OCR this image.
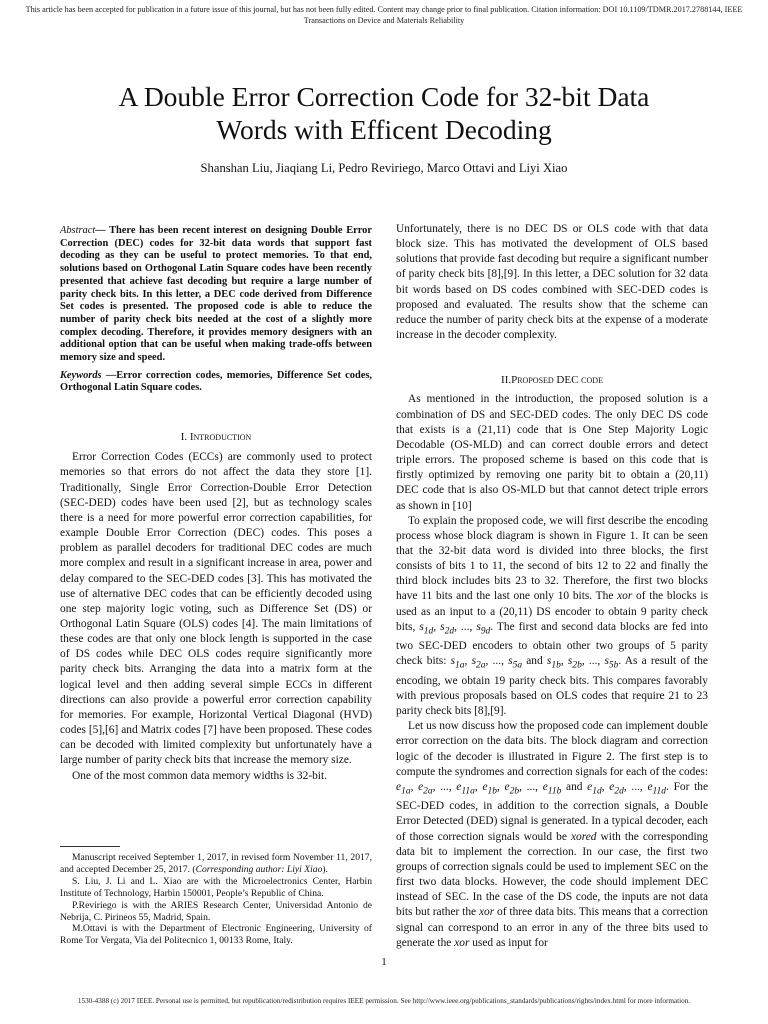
This article has been accepted for publication in a future issue of this journal, but has not been fully edited. Content may change prior to final publication. Citation information: DOI 10.1109/TDMR.2017.2788144, IEEE
Transactions on Device and Materials Reliability
A Double Error Correction Code for 32-bit Data
Words with Efficent Decoding
Shanshan Liu, Jiaqiang Li, Pedro Reviriego, Marco Ottavi and Liyi Xiao

Abstract— There has been recent interest on designing Double Error Correction (DEC) codes for 32-bit data words that support fast decoding as they can be useful to protect memories. To that end, solutions based on Orthogonal Latin Square codes have been recently presented that achieve fast decoding but require a large number of parity check bits. In this letter, a DEC code derived from Difference Set codes is presented. The proposed code is able to reduce the number of parity check bits needed at the cost of a slightly more complex decoding. Therefore, it provides memory designers with an additional option that can be useful when making trade-offs between memory size and speed.

Keywords —Error correction codes, memories, Difference Set codes, Orthogonal Latin Square codes.

I. Introduction

Error Correction Codes (ECCs) are commonly used to protect memories so that errors do not affect the data they store [1]. Traditionally, Single Error Correction-Double Error Detection (SEC-DED) codes have been used [2], but as technology scales there is a need for more powerful error correction capabilities, for example Double Error Correction (DEC) codes. This poses a problem as parallel decoders for traditional DEC codes are much more complex and result in a significant increase in area, power and delay compared to the SEC-DED codes [3]. This has motivated the use of alternative DEC codes that can be efficiently decoded using one step majority logic voting, such as Difference Set (DS) or Orthogonal Latin Square (OLS) codes [4]. The main limitations of these codes are that only one block length is supported in the case of DS codes while DEC OLS codes require significantly more parity check bits. Arranging the data into a matrix form at the logical level and then adding several simple ECCs in different directions can also provide a powerful error correction capability for memories. For example, Horizontal Vertical Diagonal (HVD) codes [5],[6] and Matrix codes [7] have been proposed. These codes can be decoded with limited complexity but unfortunately have a large number of parity check bits that increase the memory size.

One of the most common data memory widths is 32-bit.

Manuscript received September 1, 2017, in revised form November 11, 2017, and accepted December 25, 2017. (Corresponding author: Liyi Xiao).

S. Liu, J. Li and L. Xiao are with the Microelectronics Center, Harbin Institute of Technology, Harbin 150001, People’s Republic of China.

P.Reviriego is with the ARIES Research Center, Universidad Antonio de Nebrija, C. Pirineos 55, Madrid, Spain.

M.Ottavi is with the Department of Electronic Engineering, University of Rome Tor Vergata, Via del Politecnico 1, 00133 Rome, Italy.

Unfortunately, there is no DEC DS or OLS code with that data block size. This has motivated the development of OLS based solutions that provide fast decoding but require a significant number of parity check bits [8],[9]. In this letter, a DEC solution for 32 data bit words based on DS codes combined with SEC-DED codes is proposed and evaluated. The results show that the scheme can reduce the number of parity check bits at the expense of a moderate increase in the decoder complexity.

II.Proposed DEC code

As mentioned in the introduction, the proposed solution is a combination of DS and SEC-DED codes. The only DEC DS code that exists is a (21,11) code that is One Step Majority Logic Decodable (OS-MLD) and can correct double errors and detect triple errors. The proposed scheme is based on this code that is firstly optimized by removing one parity bit to obtain a (20,11) DEC code that is also OS-MLD but that cannot detect triple errors as shown in [10]

To explain the proposed code, we will first describe the encoding process whose block diagram is shown in Figure 1. It can be seen that the 32-bit data word is divided into three blocks, the first consists of bits 1 to 11, the second of bits 12 to 22 and finally the third block includes bits 23 to 32. Therefore, the first two blocks have 11 bits and the last one only 10 bits. The xor of the blocks is used as an input to a (20,11) DS encoder to obtain 9 parity check bits, $s_{1d}$, $s_{2d}$, ..., $s_{9d}$. The first and second data blocks are fed into two SEC-DED encoders to obtain other two groups of 5 parity check bits: $s_{1a}$, $s_{2a}$, ..., $s_{5a}$ and $s_{1b}$, $s_{2b}$, ..., $s_{5b}$. As a result of the encoding, we obtain 19 parity check bits. This compares favorably with previous proposals based on OLS codes that require 21 to 23 parity check bits [8],[9].

Let us now discuss how the proposed code can implement double error correction on the data bits. The block diagram and correction logic of the decoder is illustrated in Figure 2. The first step is to compute the syndromes and correction signals for each of the codes: $e_{1a}$, $e_{2a}$, ..., $e_{11a}$, $e_{1b}$, $e_{2b}$, ..., $e_{11b}$ and $e_{1d}$, $e_{2d}$, ..., $e_{11d}$. For the SEC-DED codes, in addition to the correction signals, a Double Error Detected (DED) signal is generated. In a typical decoder, each of those correction signals would be xored with the corresponding data bit to implement the correction. In our case, the first two groups of correction signals could be used to implement SEC on the first two data blocks. However, the code should implement DEC instead of SEC. In the case of the DS code, the inputs are not data bits but rather the xor of three data bits. This means that a correction signal can correspond to an error in any of the three bits used to generate the xor used as input for

1
1530-4388 (c) 2017 IEEE. Personal use is permitted, but republication/redistribution requires IEEE permission. See http://www.ieee.org/publications_standards/publications/rights/index.html for more information.
